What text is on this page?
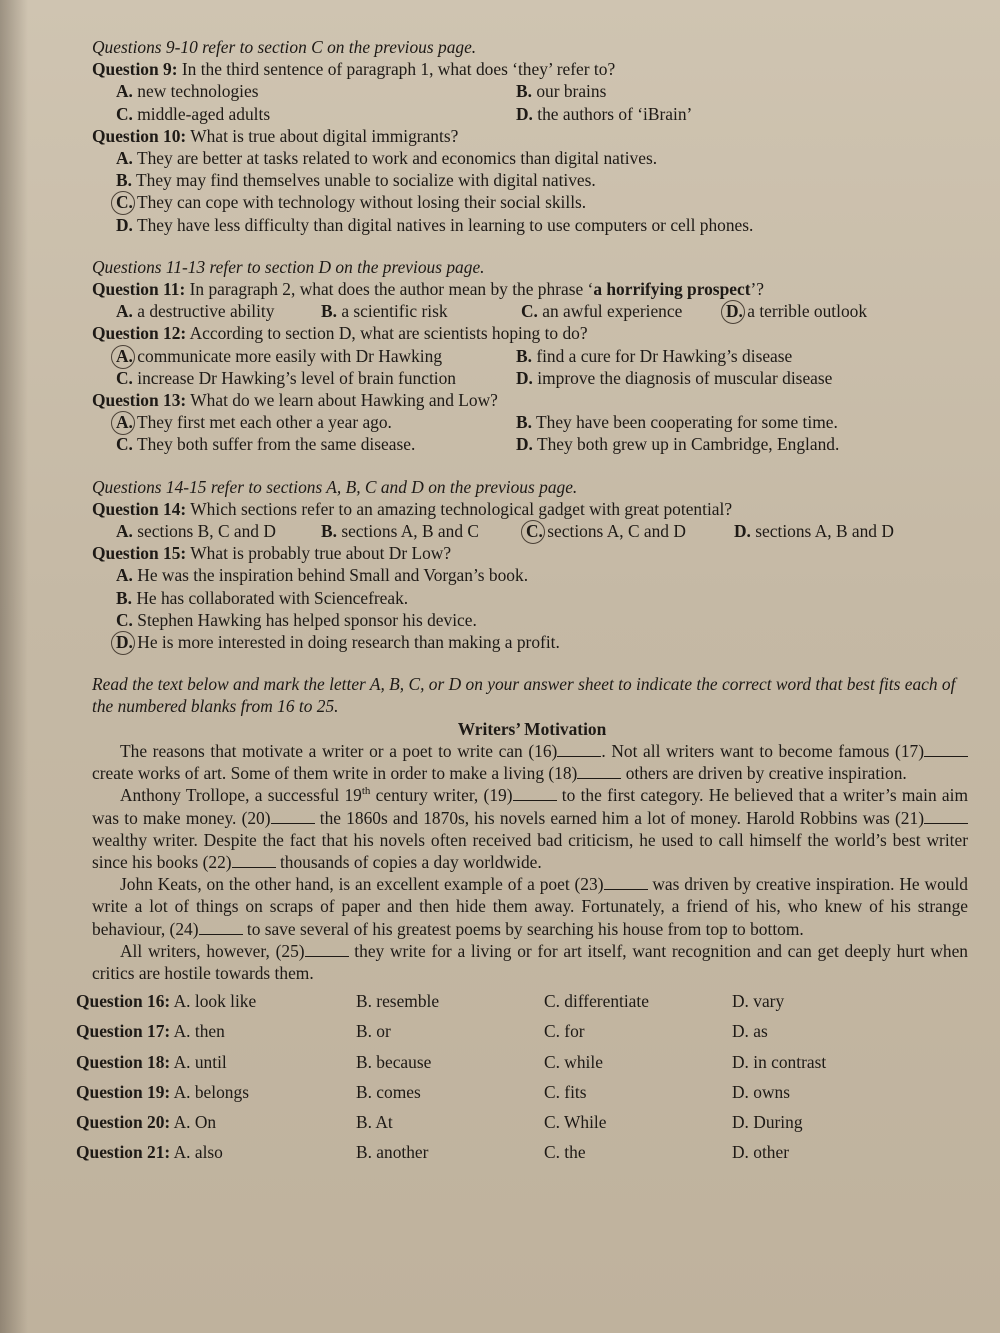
Questions 9-10 refer to section C on the previous page.

Question 9: In the third sentence of paragraph 1, what does ‘they’ refer to?

A. new technologies	B. our brains
C. middle-aged adults	D. the authors of ‘iBrain’

Question 10: What is true about digital immigrants?

A. They are better at tasks related to work and economics than digital natives.
B. They may find themselves unable to socialize with digital natives.
C. They can cope with technology without losing their social skills.
D. They have less difficulty than digital natives in learning to use computers or cell phones.

Questions 11-13 refer to section D on the previous page.

Question 11: In paragraph 2, what does the author mean by the phrase ‘a horrifying prospect’?

A. a destructive ability	B. a scientific risk	C. an awful experience	D. a terrible outlook

Question 12: According to section D, what are scientists hoping to do?

A. communicate more easily with Dr Hawking	B. find a cure for Dr Hawking’s disease
C. increase Dr Hawking’s level of brain function	D. improve the diagnosis of muscular disease

Question 13: What do we learn about Hawking and Low?

A. They first met each other a year ago.	B. They have been cooperating for some time.
C. They both suffer from the same disease.	D. They both grew up in Cambridge, England.

Questions 14-15 refer to sections A, B, C and D on the previous page.

Question 14: Which sections refer to an amazing technological gadget with great potential?

A. sections B, C and D	B. sections A, B and C	C. sections A, C and D	D. sections A, B and D

Question 15: What is probably true about Dr Low?

A. He was the inspiration behind Small and Vorgan’s book.
B. He has collaborated with Sciencefreak.
C. Stephen Hawking has helped sponsor his device.
D. He is more interested in doing research than making a profit.

Read the text below and mark the letter A, B, C, or D on your answer sheet to indicate the correct word that best fits each of the numbered blanks from 16 to 25.

Writers’ Motivation

The reasons that motivate a writer or a poet to write can (16)	. Not all writers want to become famous (17) create works of art. Some of them write in order to make a living (18)	others are driven by creative inspiration.

Anthony Trollope, a successful 19th century writer, (19)	to the first category. He believed that a writer’s main aim was to make money. (20)	the 1860s and 1870s, his novels earned him a lot of money. Harold Robbins was (21) wealthy writer. Despite the fact that his novels often received bad criticism, he used to call himself the world’s best writer since his books (22)	thousands of copies a day worldwide.

John Keats, on the other hand, is an excellent example of a poet (23)	was driven by creative inspiration. He would write a lot of things on scraps of paper and then hide them away. Fortunately, a friend of his, who knew of his strange behaviour, (24)	to save several of his greatest poems by searching his house from top to bottom.

All writers, however, (25)	they write for a living or for art itself, want recognition and can get deeply hurt when critics are hostile towards them.

Question 16: A. look like	B. resemble	C. differentiate	D. vary
Question 17: A. then	B. or	C. for	D. as
Question 18: A. until	B. because	C. while	D. in contrast
Question 19: A. belongs	B. comes	C. fits	D. owns
Question 20: A. On	B. At	C. While	D. During
Question 21: A. also	B. another	C. the	D. other
